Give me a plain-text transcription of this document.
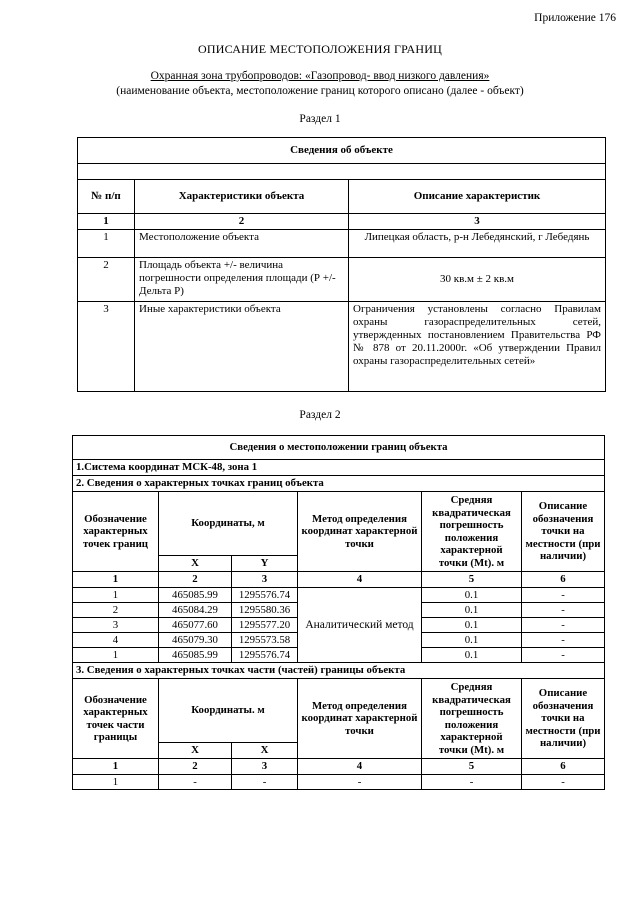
Приложение 176
ОПИСАНИЕ МЕСТОПОЛОЖЕНИЯ ГРАНИЦ
Охранная зона трубопроводов: «Газопровод- ввод низкого давления»
(наименование объекта, местоположение границ которого описано (далее - объект)
Раздел 1
Сведения об объекте		

№ п/п	Характеристики объекта	Описание характеристик
1	2	3
1	Местоположение объекта	Липецкая область, р-н Лебедянский, г Лебедянь
2	Площадь объекта +/- величина погрешности определения площади (Р +/- Дельта Р)	30 кв.м ± 2 кв.м
3	Иные характеристики объекта	Ограничения установлены согласно Правилам охраны газораспределительных сетей, утвержденных постановлением Правительства РФ № 878 от 20.11.2000г. «Об утверждении Правил охраны газораспределительных сетей»
Раздел 2
Сведения о местоположении границ объекта					
1.Система координат МСК-48, зона 1					
2. Сведения о характерных точках границ объекта					
Обозначение характерных точек границ	Координаты, м		Метод определения координат характерной точки	Средняя квадратическая погрешность положения характерной точки (Mt). м	Описание обозначения точки на местности (при наличии)
	X	Y			
1	2	3	4	5	6
1	465085.99	1295576.74	Аналитический метод	0.1	-
2	465084.29	1295580.36		0.1	-
3	465077.60	1295577.20		0.1	-
4	465079.30	1295573.58		0.1	-
1	465085.99	1295576.74		0.1	-
3. Сведения о характерных точках части (частей) границы объекта					
Обозначение характерных точек части границы	Координаты. м		Метод определения координат характерной точки	Средняя квадратическая погрешность положения характерной точки (Mt). м	Описание обозначения точки на местности (при наличии)
	X	X			
1	2	3	4	5	6
1	-	-	-	-	-
